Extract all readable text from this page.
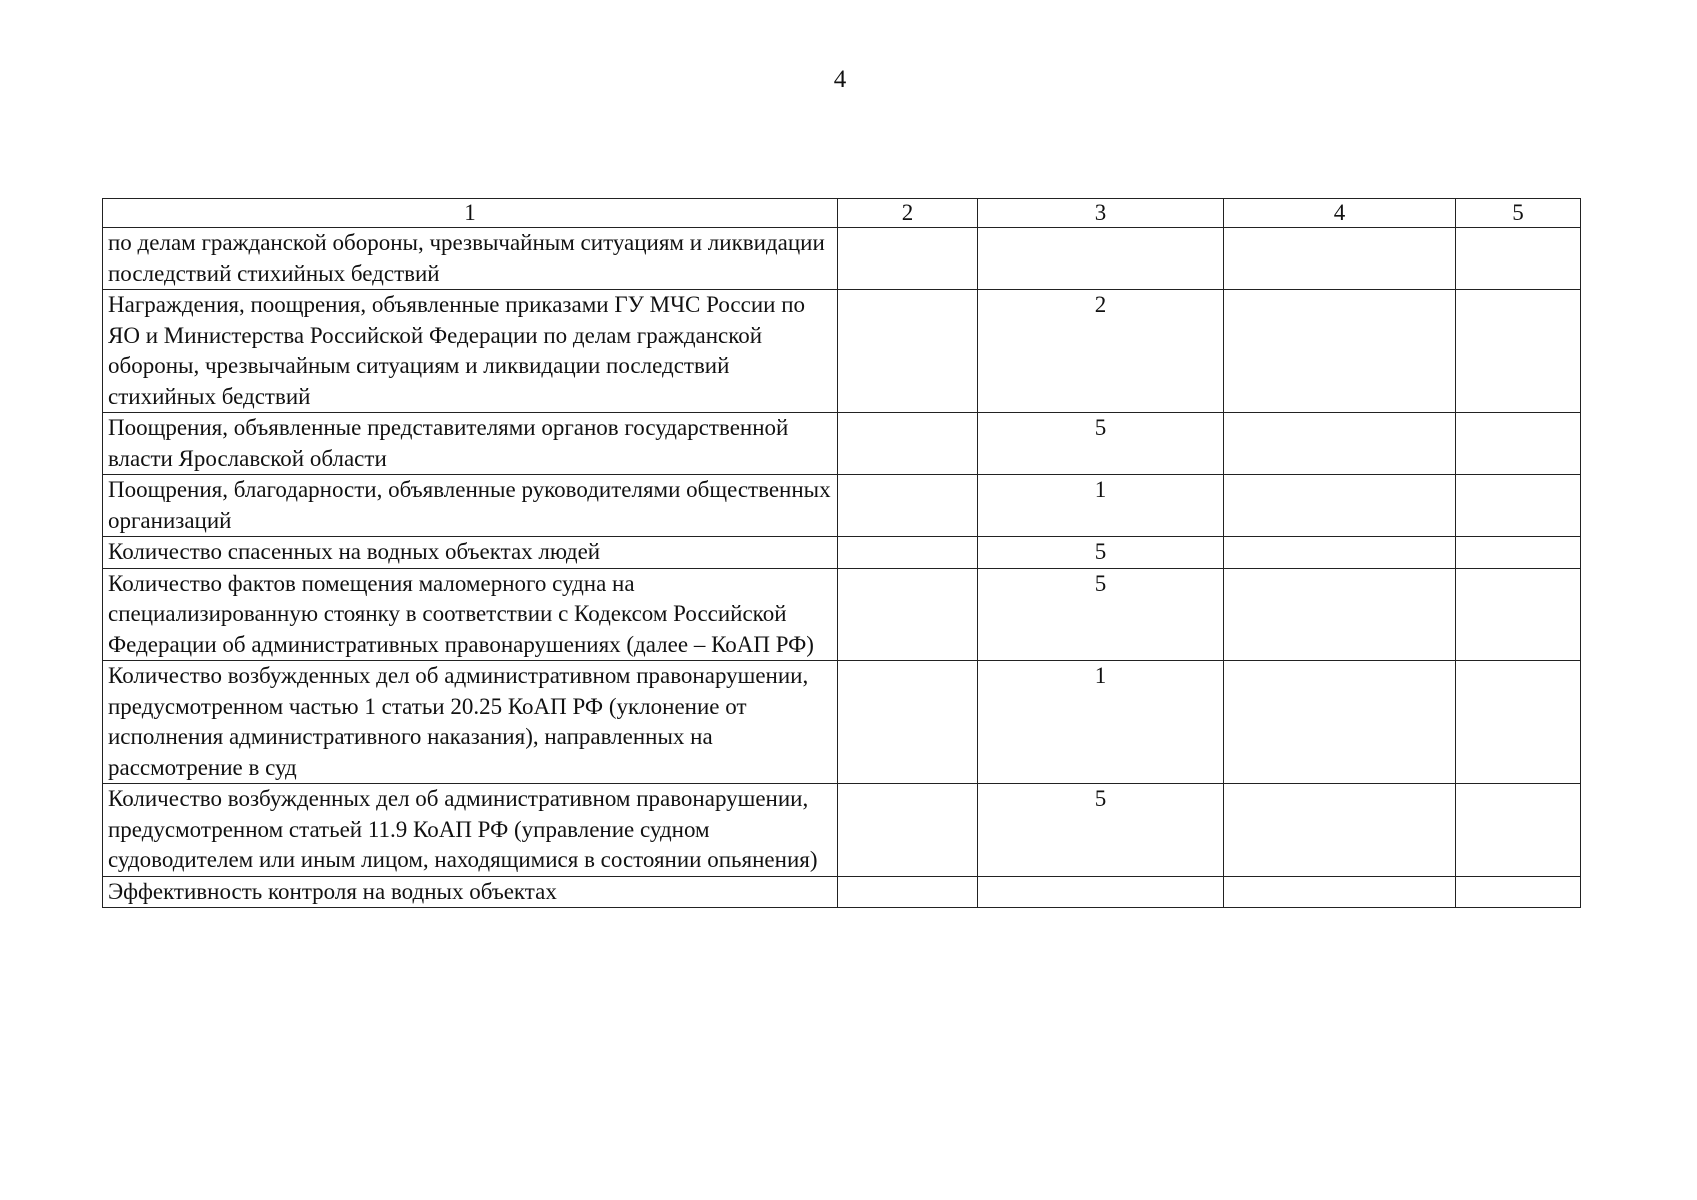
4
1	2	3	4	5
по делам гражданской обороны, чрезвычайным ситуациям и ликвидации последствий стихийных бедствий				
Награждения, поощрения, объявленные приказами ГУ МЧС России по ЯО и Министерства Российской Федерации по делам гражданской обороны, чрезвычайным ситуациям и ликвидации последствий стихийных бедствий		2		
Поощрения, объявленные представителями органов государственной власти Ярославской области		5		
Поощрения, благодарности, объявленные руководителями общественных организаций		1		
Количество спасенных на водных объектах людей		5		
Количество фактов помещения маломерного судна на специализированную стоянку в соответствии с Кодексом Российской Федерации об административных правонарушениях (далее – КоАП РФ)		5		
Количество возбужденных дел об административном правонарушении, предусмотренном частью 1 статьи 20.25 КоАП РФ (уклонение от исполнения административного наказания), направленных на рассмотрение в суд		1		
Количество возбужденных дел об административном правонарушении, предусмотренном статьей 11.9 КоАП РФ (управление судном судоводителем или иным лицом, находящимися в состоянии опьянения)		5		
Эффективность контроля на водных объектах				
